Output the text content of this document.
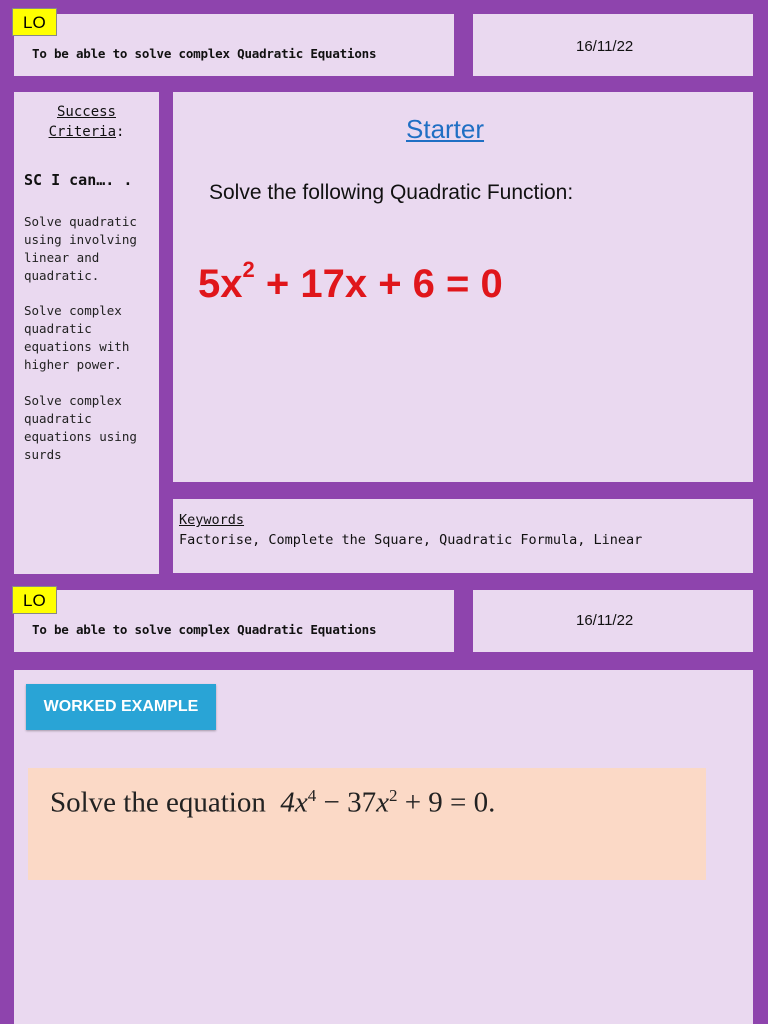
To be able to solve complex Quadratic Equations
LO
16/11/22
Success
Criteria:
SC I can…. .
Solve quadratic using involving linear and quadratic.
Solve complex quadratic equations with higher power.
Solve complex quadratic equations using surds
Starter
Solve the following Quadratic Function:
$5x^2 + 17x + 6 = 0$
Keywords
Factorise, Complete the Square, Quadratic Formula, Linear
To be able to solve complex Quadratic Equations
LO
16/11/22
WORKED EXAMPLE
Solve the equation $4x^4 - 37x^2 + 9 = 0$.
